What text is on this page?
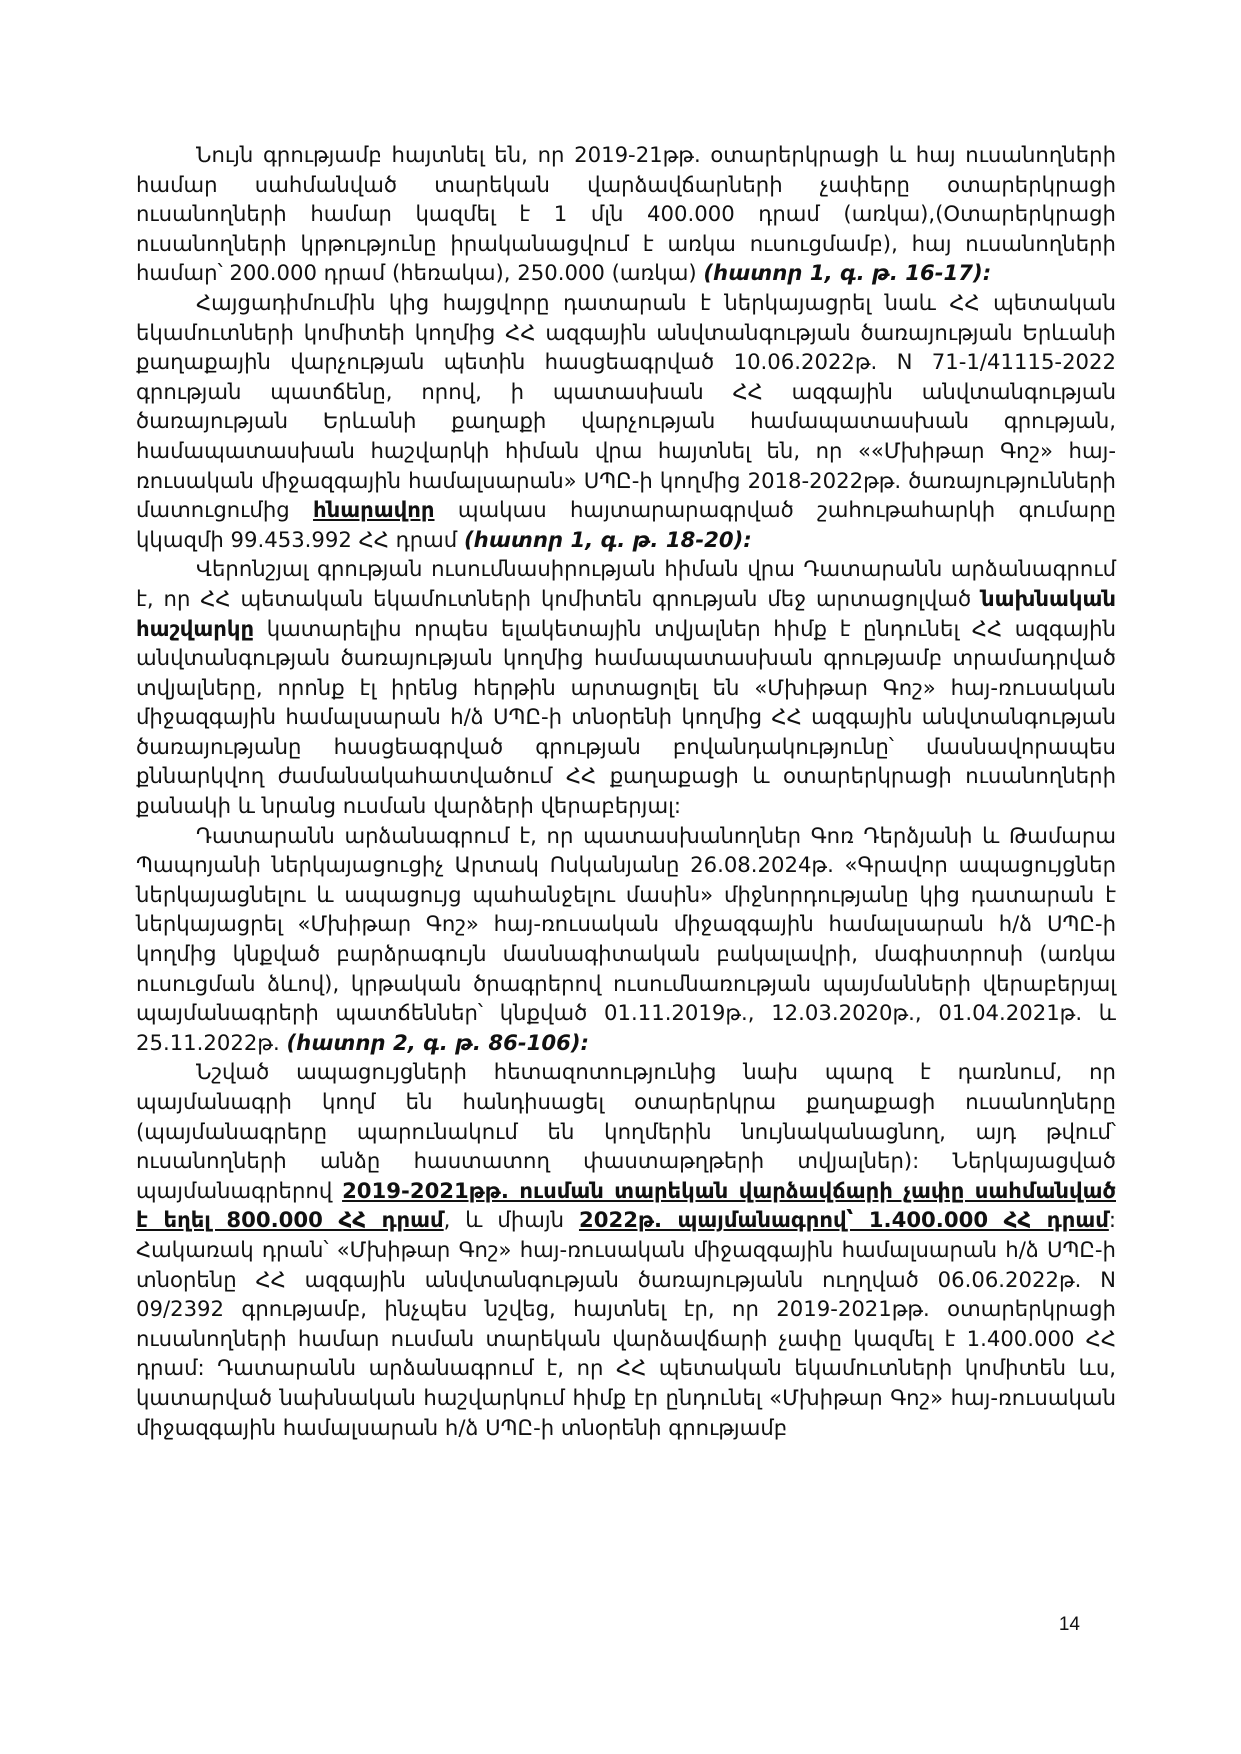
Նույն գրությամբ հայտնել են, որ 2019-21թթ. օտարերկրացի և հայ ուսանողների համար սահմանված տարեկան վարձավճարների չափերը օտարերկրացի ուսանողների համար կազմել է 1 մլն 400.000 դրամ (առկա),(Օտարերկրացի ուսանողների կրթությունը իրականացվում է առկա ուսուցմամբ), հայ ուսանողների համար՝ 200.000 դրամ (հեռակա), 250.000 (առկա) (հատոր 1, գ. թ. 16-17):

Հայցադիմումին կից հայցվորը դատարան է ներկայացրել նաև ՀՀ պետական եկամուտների կոմիտեի կողմից ՀՀ ազգային անվտանգության ծառայության Երևանի քաղաքային վարչության պետին հասցեագրված 10.06.2022թ. N 71-1/41115-2022 գրության պատճենը, որով, ի պատասխան ՀՀ ազգային անվտանգության ծառայության Երևանի քաղաքի վարչության համապատասխան գրության, համապատասխան հաշվարկի հիման վրա հայտնել են, որ ««Մխիթար Գոշ» հայ-ռուսական միջազգային համալսարան» ՍՊԸ-ի կողմից 2018-2022թթ. ծառայությունների մատուցումից հնարավոր պակաս հայտարարագրված շահութահարկի գումարը կկազմի 99.453.992 ՀՀ դրամ (հատոր 1, գ. թ. 18-20):

Վերոնշյալ գրության ուսումնասիրության հիման վրա Դատարանն արձանագրում է, որ ՀՀ պետական եկամուտների կոմիտեն գրության մեջ արտացոլված նախնական հաշվարկը կատարելիս որպես ելակետային տվյալներ հիմք է ընդունել ՀՀ ազգային անվտանգության ծառայության կողմից համապատասխան գրությամբ տրամադրված տվյալները, որոնք էլ իրենց հերթին արտացոլել են «Մխիթար Գոշ» հայ-ռուսական միջազգային համալսարան հ/ձ ՍՊԸ-ի տնօրենի կողմից ՀՀ ազգային անվտանգության ծառայությանը հասցեագրված գրության բովանդակությունը՝ մասնավորապես քննարկվող ժամանակահատվածում ՀՀ քաղաքացի և օտարերկրացի ուսանողների քանակի և նրանց ուսման վարձերի վերաբերյալ:

Դատարանն արձանագրում է, որ պատասխանողներ Գոռ Դերձյանի և Թամարա Պապոյանի ներկայացուցիչ Արտակ Ոսկանյանը 26.08.2024թ. «Գրավոր ապացույցներ ներկայացնելու և ապացույց պահանջելու մասին» միջնորդությանը կից դատարան է ներկայացրել «Մխիթար Գոշ» հայ-ռուսական միջազգային համալսարան հ/ձ ՍՊԸ-ի կողմից կնքված բարձրագույն մասնագիտական բակալավրի, մագիստրոսի (առկա ուսուցման ձևով), կրթական ծրագրերով ուսումնառության պայմանների վերաբերյալ պայմանագրերի պատճեններ՝ կնքված 01.11.2019թ., 12.03.2020թ., 01.04.2021թ. և 25.11.2022թ. (հատոր 2, գ. թ. 86-106):

Նշված ապացույցների հետազոտությունից նախ պարզ է դառնում, որ պայմանագրի կողմ են հանդիսացել օտարերկրա քաղաքացի ուսանողները (պայմանագրերը պարունակում են կողմերին նույնականացնող, այդ թվում՝ ուսանողների անձը հաստատող փաստաթղթերի տվյալներ): Ներկայացված պայմանագրերով 2019-2021թթ. ուսման տարեկան վարձավճարի չափը սահմանված է եղել 800.000 ՀՀ դրամ, և միայն 2022թ. պայմանագրով՝ 1.400.000 ՀՀ դրամ: Հակառակ դրան՝ «Մխիթար Գոշ» հայ-ռուսական միջազգային համալսարան հ/ձ ՍՊԸ-ի տնօրենը ՀՀ ազգային անվտանգության ծառայությանն ուղղված 06.06.2022թ. N 09/2392 գրությամբ, ինչպես նշվեց, հայտնել էր, որ 2019-2021թթ. օտարերկրացի ուսանողների համար ուսման տարեկան վարձավճարի չափը կազմել է 1.400.000 ՀՀ դրամ: Դատարանն արձանագրում է, որ ՀՀ պետական եկամուտների կոմիտեն ևս, կատարված նախնական հաշվարկում հիմք էր ընդունել «Մխիթար Գոշ» հայ-ռուսական միջազգային համալսարան հ/ձ ՍՊԸ-ի տնօրենի գրությամբ

14
